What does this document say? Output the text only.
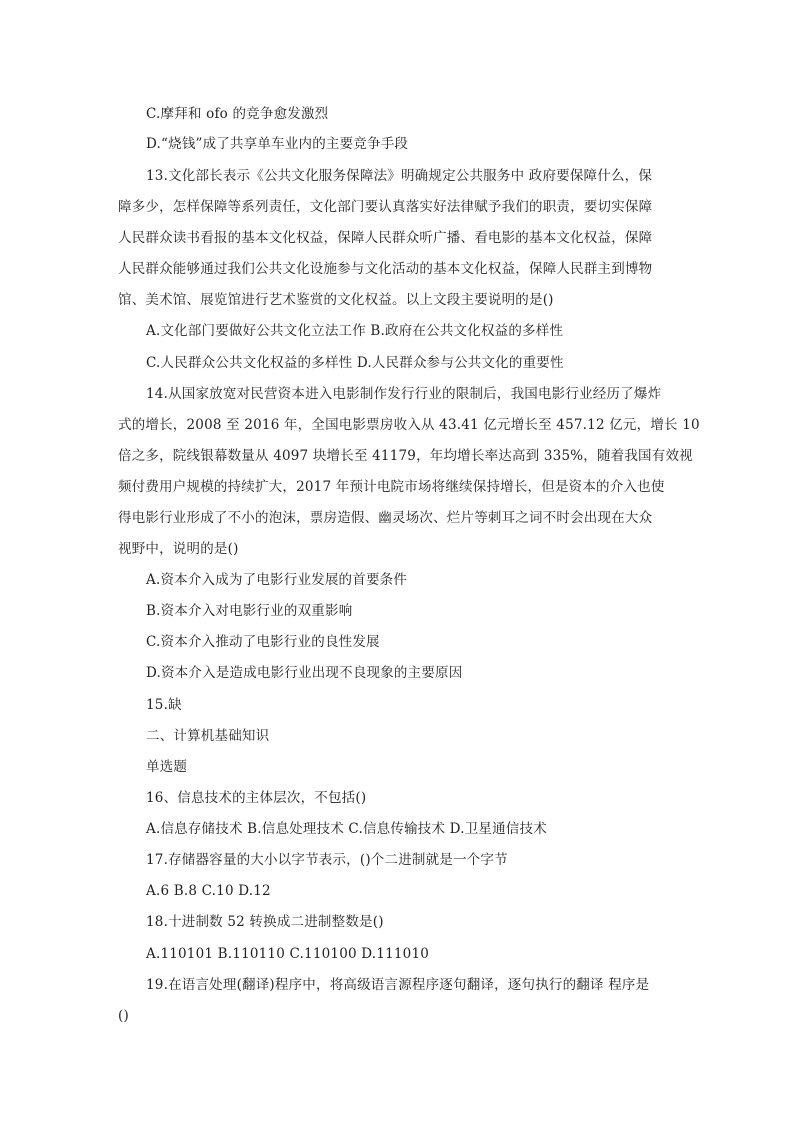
C.摩拜和 ofo 的竞争愈发激烈
D.“烧钱”成了共享单车业内的主要竞争手段
13.文化部长表示《公共文化服务保障法》明确规定公共服务中 政府要保障什么，保
障多少，怎样保障等系列责任，文化部门要认真落实好法律赋予我们的职责，要切实保障
人民群众读书看报的基本文化权益，保障人民群众听广播、看电影的基本文化权益，保障
人民群众能够通过我们公共文化设施参与文化活动的基本文化权益，保障人民群主到博物
馆、美术馆、展览馆进行艺术鉴赏的文化权益。以上文段主要说明的是()
A.文化部门要做好公共文化立法工作 B.政府在公共文化权益的多样性
C.人民群众公共文化权益的多样性 D.人民群众参与公共文化的重要性
14.从国家放宽对民营资本进入电影制作发行行业的限制后，我国电影行业经历了爆炸
式的增长，2008 至 2016 年，全国电影票房收入从 43.41 亿元增长至 457.12 亿元，增长 10
倍之多，院线银幕数量从 4097 块增长至 41179，年均增长率达高到 335%，随着我国有效视
频付费用户规模的持续扩大，2017 年预计电院市场将继续保持增长，但是资本的介入也使
得电影行业形成了不小的泡沫，票房造假、幽灵场次、烂片等刺耳之词不时会出现在大众
视野中，说明的是()
A.资本介入成为了电影行业发展的首要条件
B.资本介入对电影行业的双重影响
C.资本介入推动了电影行业的良性发展
D.资本介入是造成电影行业出现不良现象的主要原因
15.缺
二、计算机基础知识
单选题
16、信息技术的主体层次，不包括()
A.信息存储技术 B.信息处理技术 C.信息传输技术 D.卫星通信技术
17.存储器容量的大小以字节表示，()个二进制就是一个字节
A.6 B.8 C.10 D.12
18.十进制数 52 转换成二进制整数是()
A.110101 B.110110 C.110100 D.111010
19.在语言处理(翻译)程序中，将高级语言源程序逐句翻译，逐句执行的翻译 程序是
()
